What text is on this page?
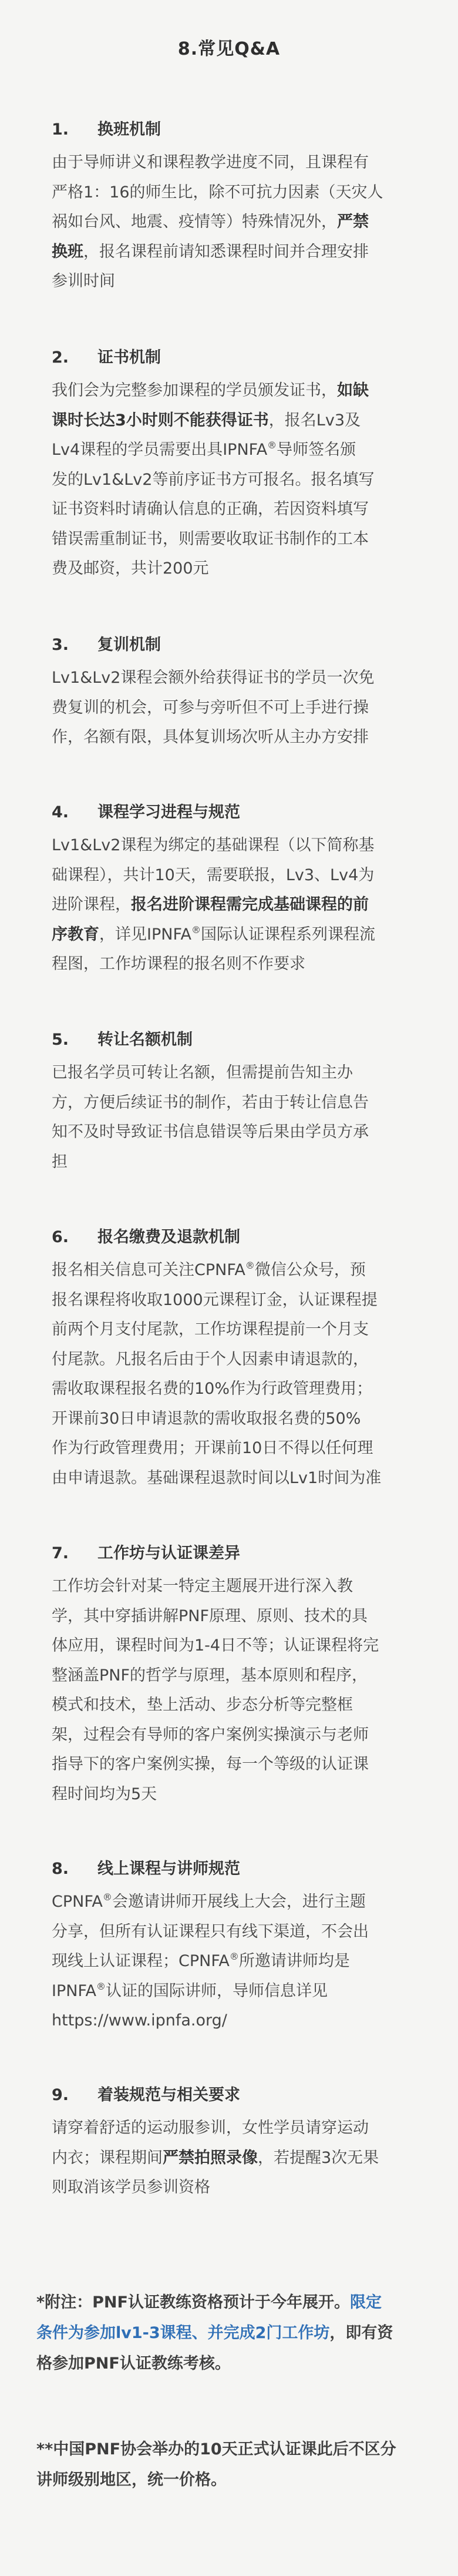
8.常见Q&A
1. 换班机制
由于导师讲义和课程教学进度不同，且课程有
严格1：16的师生比，除不可抗力因素（天灾人
祸如台风、地震、疫情等）特殊情况外，严禁
换班，报名课程前请知悉课程时间并合理安排
参训时间
2. 证书机制
我们会为完整参加课程的学员颁发证书，如缺
课时长达3小时则不能获得证书，报名Lv3及
Lv4课程的学员需要出具IPNFA®导师签名颁
发的Lv1&Lv2等前序证书方可报名。报名填写
证书资料时请确认信息的正确，若因资料填写
错误需重制证书，则需要收取证书制作的工本
费及邮资，共计200元
3. 复训机制
Lv1&Lv2课程会额外给获得证书的学员一次免
费复训的机会，可参与旁听但不可上手进行操
作，名额有限，具体复训场次听从主办方安排
4. 课程学习进程与规范
Lv1&Lv2课程为绑定的基础课程（以下简称基
础课程），共计10天，需要联报，Lv3、Lv4为
进阶课程，报名进阶课程需完成基础课程的前
序教育，详见IPNFA®国际认证课程系列课程流
程图，工作坊课程的报名则不作要求
5. 转让名额机制
已报名学员可转让名额，但需提前告知主办
方，方便后续证书的制作，若由于转让信息告
知不及时导致证书信息错误等后果由学员方承
担
6. 报名缴费及退款机制
报名相关信息可关注CPNFA®微信公众号，预
报名课程将收取1000元课程订金，认证课程提
前两个月支付尾款，工作坊课程提前一个月支
付尾款。凡报名后由于个人因素申请退款的，
需收取课程报名费的10%作为行政管理费用；
开课前30日申请退款的需收取报名费的50%
作为行政管理费用；开课前10日不得以任何理
由申请退款。基础课程退款时间以Lv1时间为准
7. 工作坊与认证课差异
工作坊会针对某一特定主题展开进行深入教
学，其中穿插讲解PNF原理、原则、技术的具
体应用，课程时间为1-4日不等；认证课程将完
整涵盖PNF的哲学与原理，基本原则和程序，
模式和技术，垫上活动、步态分析等完整框
架，过程会有导师的客户案例实操演示与老师
指导下的客户案例实操，每一个等级的认证课
程时间均为5天
8. 线上课程与讲师规范
CPNFA®会邀请讲师开展线上大会，进行主题
分享，但所有认证课程只有线下渠道，不会出
现线上认证课程；CPNFA®所邀请讲师均是
IPNFA®认证的国际讲师，导师信息详见
https://www.ipnfa.org/
9. 着装规范与相关要求
请穿着舒适的运动服参训，女性学员请穿运动
内衣；课程期间严禁拍照录像，若提醒3次无果
则取消该学员参训资格
*附注：PNF认证教练资格预计于今年展开。限定
条件为参加lv1-3课程、并完成2门工作坊，即有资
格参加PNF认证教练考核。
**中国PNF协会举办的10天正式认证课此后不区分
讲师级别地区，统一价格。
